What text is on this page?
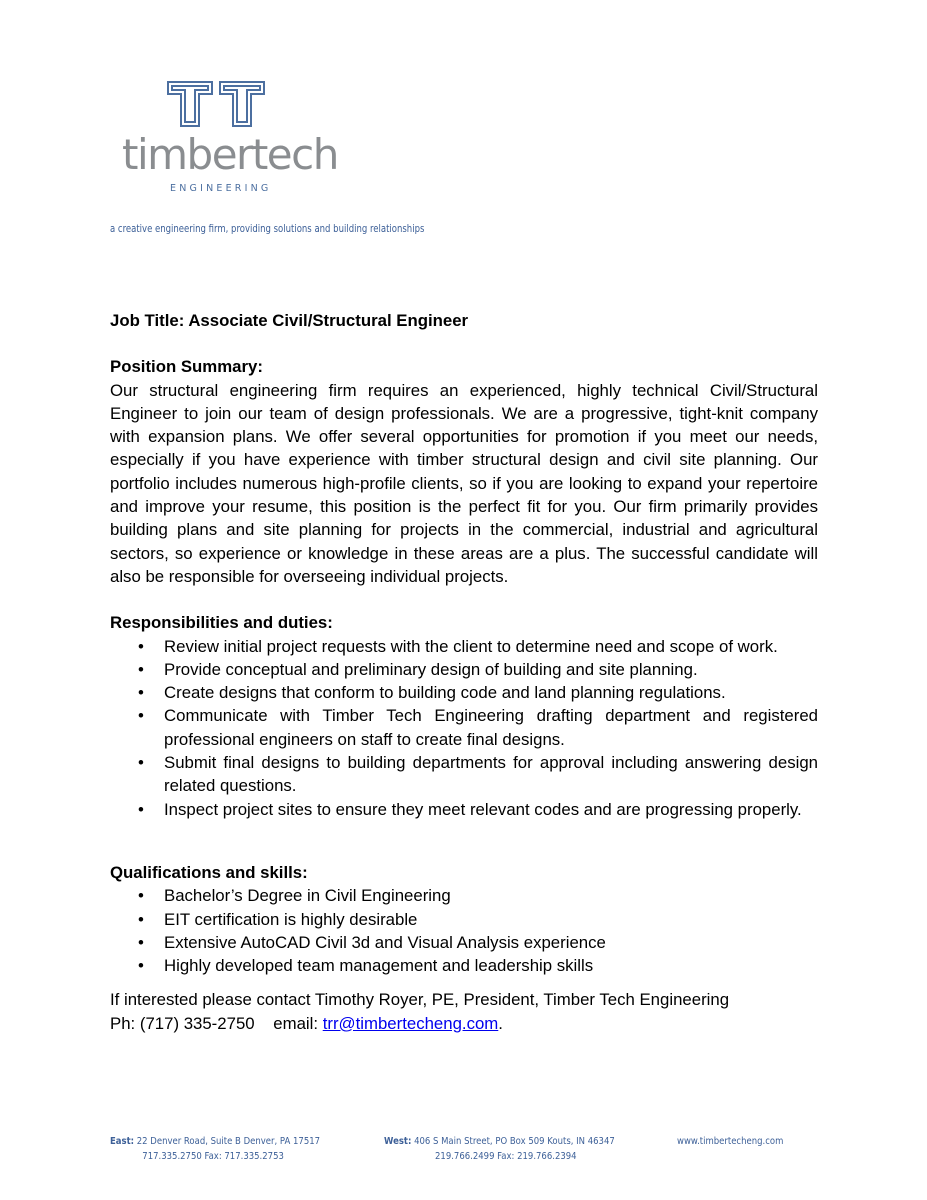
timbertech
ENGINEERING
a creative engineering firm, providing solutions and building relationships
Job Title: Associate Civil/Structural Engineer
Position Summary:

Our structural engineering firm requires an experienced, highly technical Civil/Structural Engineer to join our team of design professionals. We are a progressive, tight-knit company with expansion plans. We offer several opportunities for promotion if you meet our needs, especially if you have experience with timber structural design and civil site planning. Our portfolio includes numerous high-profile clients, so if you are looking to expand your repertoire and improve your resume, this position is the perfect fit for you. Our firm primarily provides building plans and site planning for projects in the commercial, industrial and agricultural sectors, so experience or knowledge in these areas are a plus. The successful candidate will also be responsible for overseeing individual projects.

Responsibilities and duties:
• Review initial project requests with the client to determine need and scope of work.
• Provide conceptual and preliminary design of building and site planning.
• Create designs that conform to building code and land planning regulations.
• Communicate with Timber Tech Engineering drafting department and registered professional engineers on staff to create final designs.
• Submit final designs to building departments for approval including answering design related questions.
• Inspect project sites to ensure they meet relevant codes and are progressing properly.
Qualifications and skills:
• Bachelor’s Degree in Civil Engineering
• EIT certification is highly desirable
• Extensive AutoCAD Civil 3d and Visual Analysis experience
• Highly developed team management and leadership skills

If interested please contact Timothy Royer, PE, President, Timber Tech Engineering

Ph: (717) 335-2750 email: trr@timbertecheng.com.

East: 22 Denver Road, Suite B Denver, PA 17517
717.335.2750 Fax: 717.335.2753
West: 406 S Main Street, PO Box 509 Kouts, IN 46347
219.766.2499 Fax: 219.766.2394
www.timbertecheng.com
